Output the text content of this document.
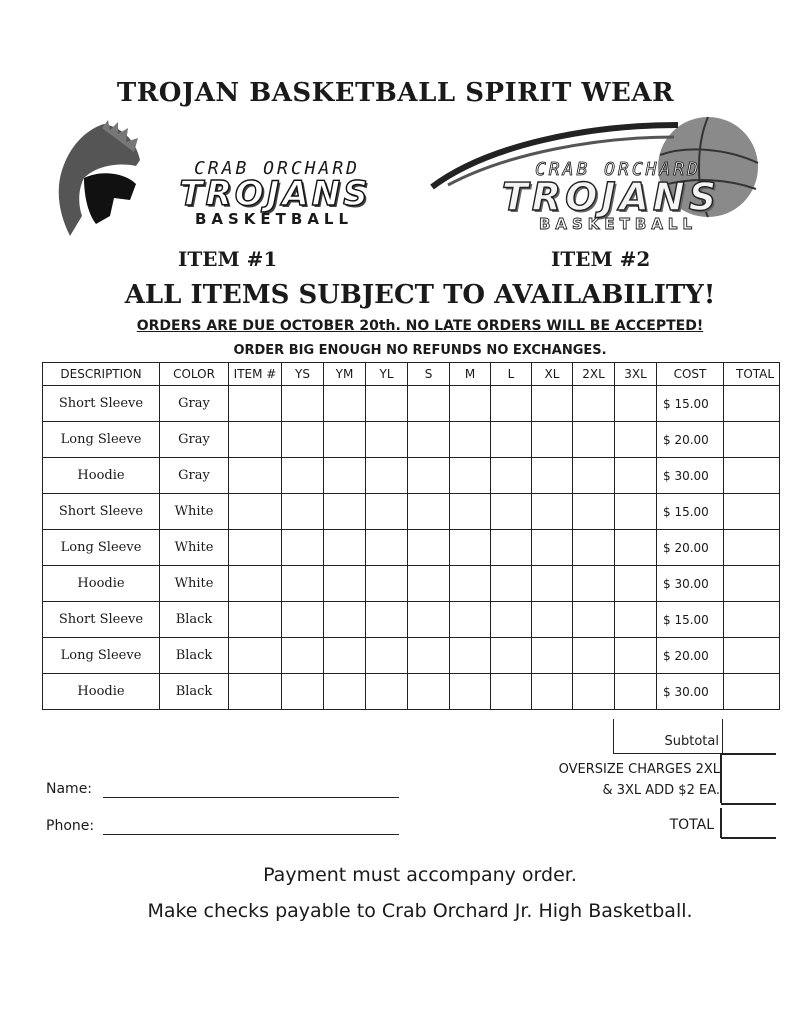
TROJAN BASKETBALL SPIRIT WEAR
CRAB ORCHARD
TROJANS
BASKETBALL
CRAB ORCHARD
TROJANS
BASKETBALL
ITEM #1	ITEM #2
ALL ITEMS SUBJECT TO AVAILABILITY!
ORDERS ARE DUE OCTOBER 20th. NO LATE ORDERS WILL BE ACCEPTED!
ORDER BIG ENOUGH NO REFUNDS NO EXCHANGES.
DESCRIPTION	COLOR	ITEM #	YS	YM	YL	S	M	L	XL	2XL	3XL	COST	TOTAL
Short Sleeve	Gray											$ 15.00	
Long Sleeve	Gray											$ 20.00	
Hoodie	Gray											$ 30.00	
Short Sleeve	White											$ 15.00	
Long Sleeve	White											$ 20.00	
Hoodie	White											$ 30.00	
Short Sleeve	Black											$ 15.00	
Long Sleeve	Black											$ 20.00	
Hoodie	Black											$ 30.00	
Subtotal
OVERSIZE CHARGES 2XL
& 3XL ADD $2 EA.
TOTAL
Name:
Phone:
Payment must accompany order.
Make checks payable to Crab Orchard Jr. High Basketball.
